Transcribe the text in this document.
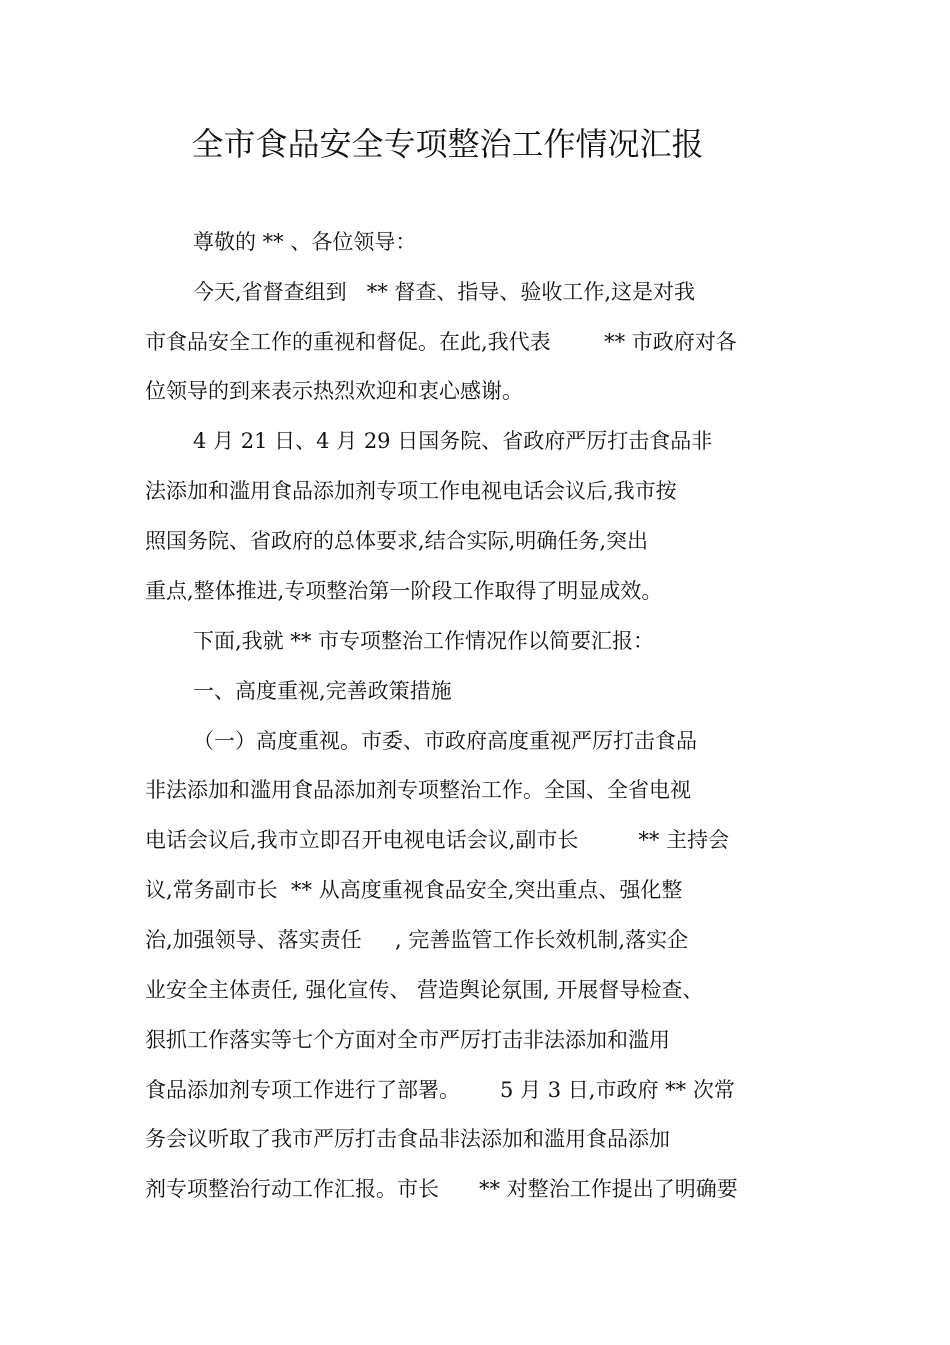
全市食品安全专项整治工作情况汇报
尊敬的 ** 、各位领导：
今天,省督查组到   ** 督查、指导、验收工作,这是对我
市食品安全工作的重视和督促。在此,我代表        ** 市政府对各
位领导的到来表示热烈欢迎和衷心感谢。
4 月 21 日、4 月 29 日国务院、省政府严厉打击食品非
法添加和滥用食品添加剂专项工作电视电话会议后,我市按
照国务院、省政府的总体要求,结合实际,明确任务,突出
重点,整体推进,专项整治第一阶段工作取得了明显成效。
下面,我就 ** 市专项整治工作情况作以简要汇报：
一、高度重视,完善政策措施
（一）高度重视。市委、市政府高度重视严厉打击食品
非法添加和滥用食品添加剂专项整治工作。全国、全省电视
电话会议后,我市立即召开电视电话会议,副市长         ** 主持会
议,常务副市长  ** 从高度重视食品安全,突出重点、强化整
治,加强领导、落实责任     , 完善监管工作长效机制,落实企
业安全主体责任, 强化宣传、 营造舆论氛围, 开展督导检查、
狠抓工作落实等七个方面对全市严厉打击非法添加和滥用
食品添加剂专项工作进行了部署。      5 月 3 日,市政府 ** 次常
务会议听取了我市严厉打击食品非法添加和滥用食品添加
剂专项整治行动工作汇报。市长      ** 对整治工作提出了明确要
